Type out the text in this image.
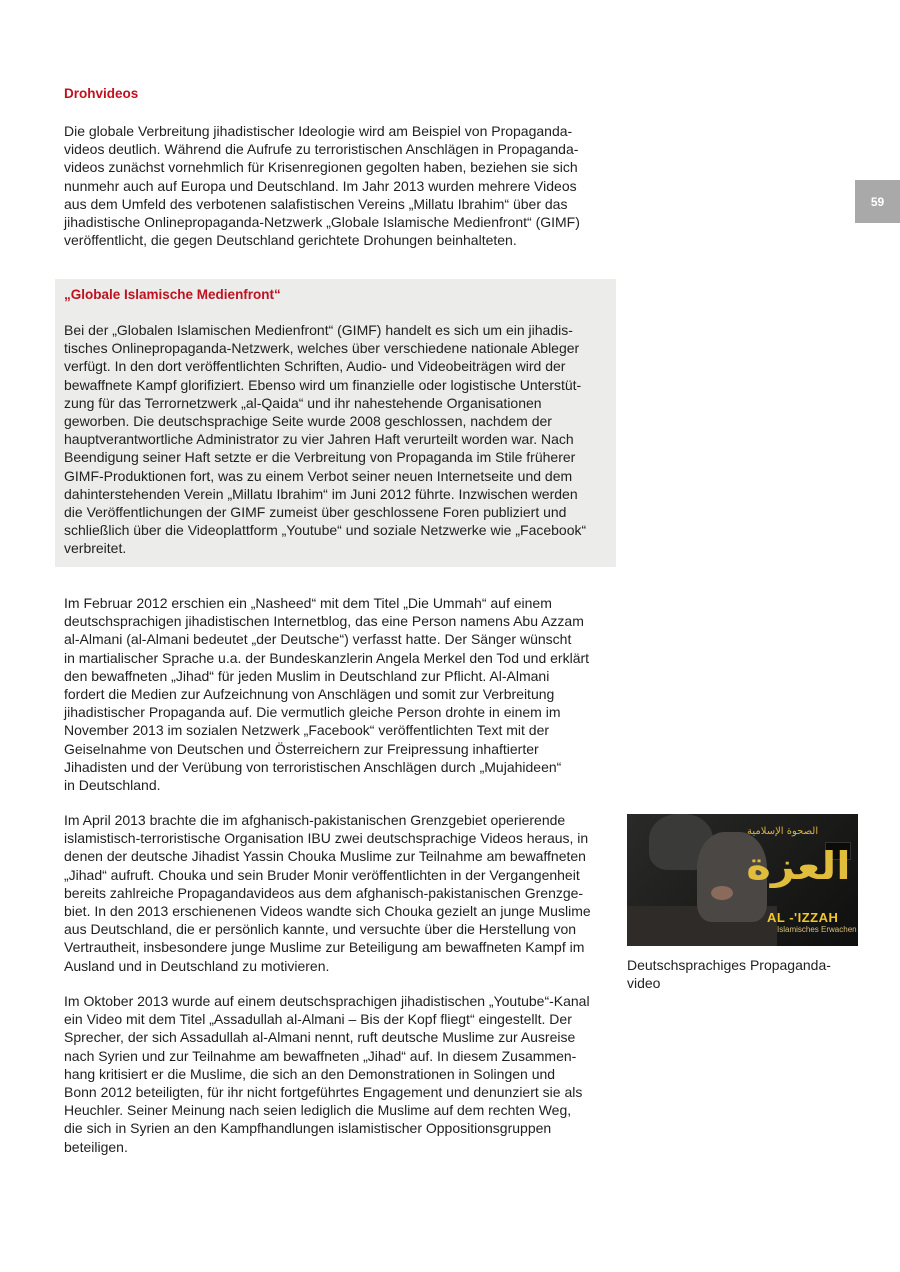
59
Drohvideos

Die globale Verbreitung jihadistischer Ideologie wird am Beispiel von Propaganda-
videos deutlich. Während die Aufrufe zu terroristischen Anschlägen in Propaganda-
videos zunächst vornehmlich für Krisenregionen gegolten haben, beziehen sie sich
nunmehr auch auf Europa und Deutschland. Im Jahr 2013 wurden mehrere Videos
aus dem Umfeld des verbotenen salafistischen Vereins „Millatu Ibrahim“ über das
jihadistische Onlinepropaganda-Netzwerk „Globale Islamische Medienfront“ (GIMF)
veröffentlicht, die gegen Deutschland gerichtete Drohungen beinhalteten.

„Globale Islamische Medienfront“

Bei der „Globalen Islamischen Medienfront“ (GIMF) handelt es sich um ein jihadis-
tisches Onlinepropaganda-Netzwerk, welches über verschiedene nationale Ableger
verfügt. In den dort veröffentlichten Schriften, Audio- und Videobeiträgen wird der
bewaffnete Kampf glorifiziert. Ebenso wird um finanzielle oder logistische Unterstüt-
zung für das Terrornetzwerk „al-Qaida“ und ihr nahestehende Organisationen
geworben. Die deutschsprachige Seite wurde 2008 geschlossen, nachdem der
hauptverantwortliche Administrator zu vier Jahren Haft verurteilt worden war. Nach
Beendigung seiner Haft setzte er die Verbreitung von Propaganda im Stile früherer
GIMF-Produktionen fort, was zu einem Verbot seiner neuen Internetseite und dem
dahinterstehenden Verein „Millatu Ibrahim“ im Juni 2012 führte. Inzwischen werden
die Veröffentlichungen der GIMF zumeist über geschlossene Foren publiziert und
schließlich über die Videoplattform „Youtube“ und soziale Netzwerke wie „Facebook“
verbreitet.

Im Februar 2012 erschien ein „Nasheed“ mit dem Titel „Die Ummah“ auf einem
deutschsprachigen jihadistischen Internetblog, das eine Person namens Abu Azzam
al-Almani (al-Almani bedeutet „der Deutsche“) verfasst hatte. Der Sänger wünscht
in martialischer Sprache u.a. der Bundeskanzlerin Angela Merkel den Tod und erklärt
den bewaffneten „Jihad“ für jeden Muslim in Deutschland zur Pflicht. Al-Almani
fordert die Medien zur Aufzeichnung von Anschlägen und somit zur Verbreitung
jihadistischer Propaganda auf. Die vermutlich gleiche Person drohte in einem im
November 2013 im sozialen Netzwerk „Facebook“ veröffentlichten Text mit der
Geiselnahme von Deutschen und Österreichern zur Freipressung inhaftierter
Jihadisten und der Verübung von terroristischen Anschlägen durch „Mujahideen“
in Deutschland.

Im April 2013 brachte die im afghanisch-pakistanischen Grenzgebiet operierende
islamistisch-terroristische Organisation IBU zwei deutschsprachige Videos heraus, in
denen der deutsche Jihadist Yassin Chouka Muslime zur Teilnahme am bewaffneten
„Jihad“ aufruft. Chouka und sein Bruder Monir veröffentlichten in der Vergangenheit
bereits zahlreiche Propagandavideos aus dem afghanisch-pakistanischen Grenzge-
biet. In den 2013 erschienenen Videos wandte sich Chouka gezielt an junge Muslime
aus Deutschland, die er persönlich kannte, und versuchte über die Herstellung von
Vertrautheit, insbesondere junge Muslime zur Beteiligung am bewaffneten Kampf im
Ausland und in Deutschland zu motivieren.

Im Oktober 2013 wurde auf einem deutschsprachigen jihadistischen „Youtube“-Kanal
ein Video mit dem Titel „Assadullah al-Almani – Bis der Kopf fliegt“ eingestellt. Der
Sprecher, der sich Assadullah al-Almani nennt, ruft deutsche Muslime zur Ausreise
nach Syrien und zur Teilnahme am bewaffneten „Jihad“ auf. In diesem Zusammen-
hang kritisiert er die Muslime, die sich an den Demonstrationen in Solingen und
Bonn 2012 beteiligten, für ihr nicht fortgeführtes Engagement und denunziert sie als
Heuchler. Seiner Meinung nach seien lediglich die Muslime auf dem rechten Weg,
die sich in Syrien an den Kampfhandlungen islamistischer Oppositionsgruppen
beteiligen.

الصحوة الإسلامية
العزة
AL -'IZZAH
Islamisches Erwachen

Deutschsprachiges Propaganda-
video
